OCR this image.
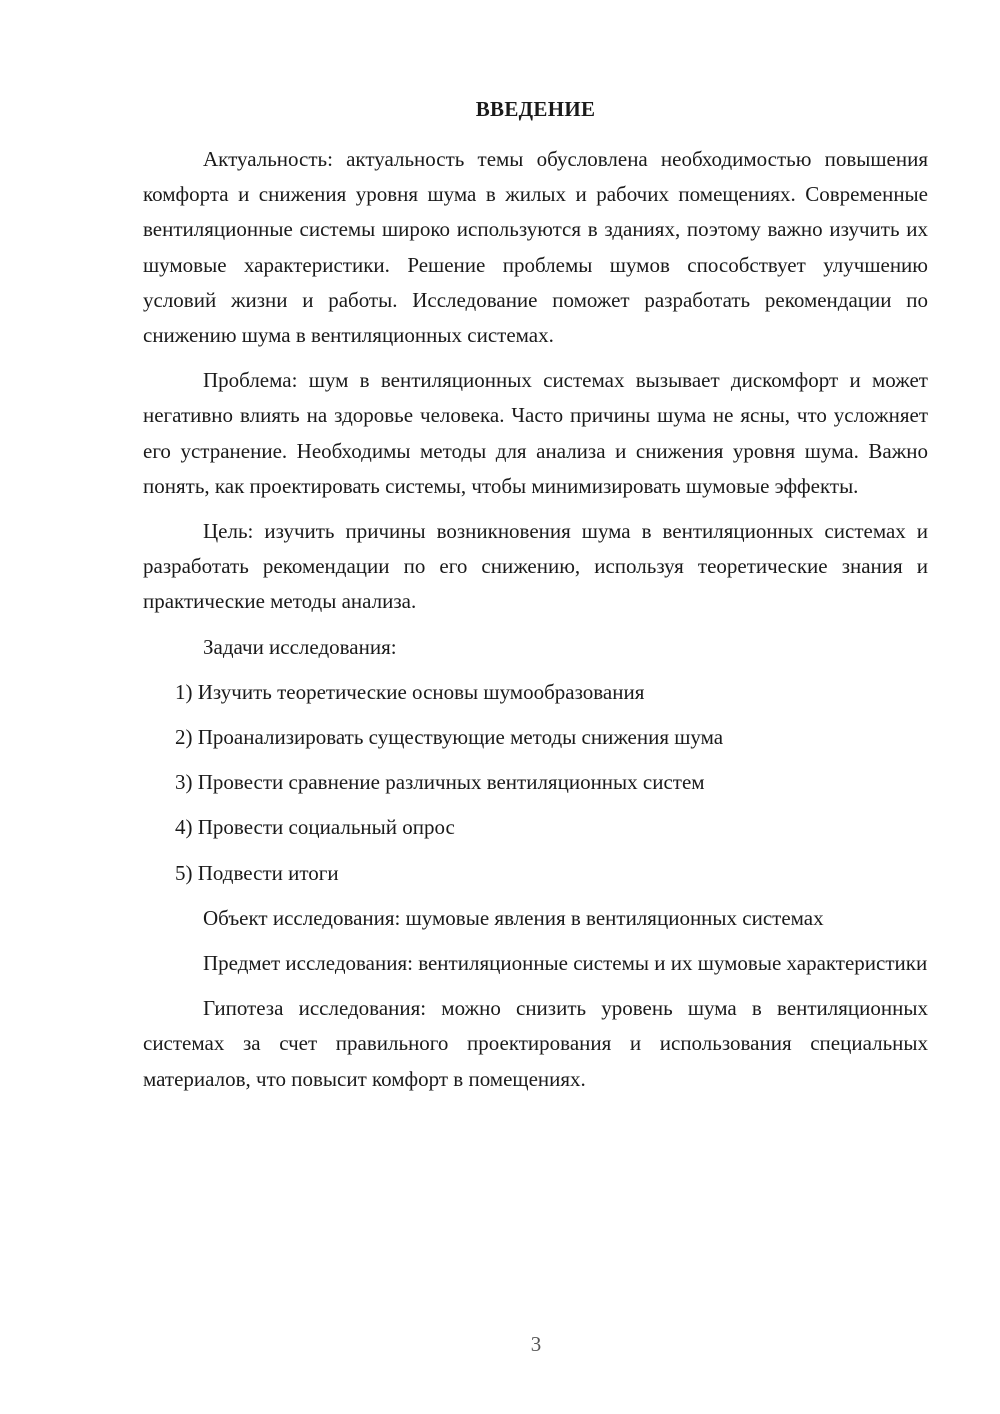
ВВЕДЕНИЕ

Актуальность: актуальность темы обусловлена необходимостью повышения комфорта и снижения уровня шума в жилых и рабочих помещениях. Современные вентиляционные системы широко используются в зданиях, поэтому важно изучить их шумовые характеристики. Решение проблемы шумов способствует улучшению условий жизни и работы. Исследование поможет разработать рекомендации по снижению шума в вентиляционных системах.

Проблема: шум в вентиляционных системах вызывает дискомфорт и может негативно влиять на здоровье человека. Часто причины шума не ясны, что усложняет его устранение. Необходимы методы для анализа и снижения уровня шума. Важно понять, как проектировать системы, чтобы минимизировать шумовые эффекты.

Цель: изучить причины возникновения шума в вентиляционных системах и разработать рекомендации по его снижению, используя теоретические знания и практические методы анализа.

Задачи исследования:

1) Изучить теоретические основы шумообразования
2) Проанализировать существующие методы снижения шума
3) Провести сравнение различных вентиляционных систем
4) Провести социальный опрос
5) Подвести итоги

Объект исследования: шумовые явления в вентиляционных системах

Предмет исследования: вентиляционные системы и их шумовые характеристики

Гипотеза исследования: можно снизить уровень шума в вентиляционных системах за счет правильного проектирования и использования специальных материалов, что повысит комфорт в помещениях.

3
